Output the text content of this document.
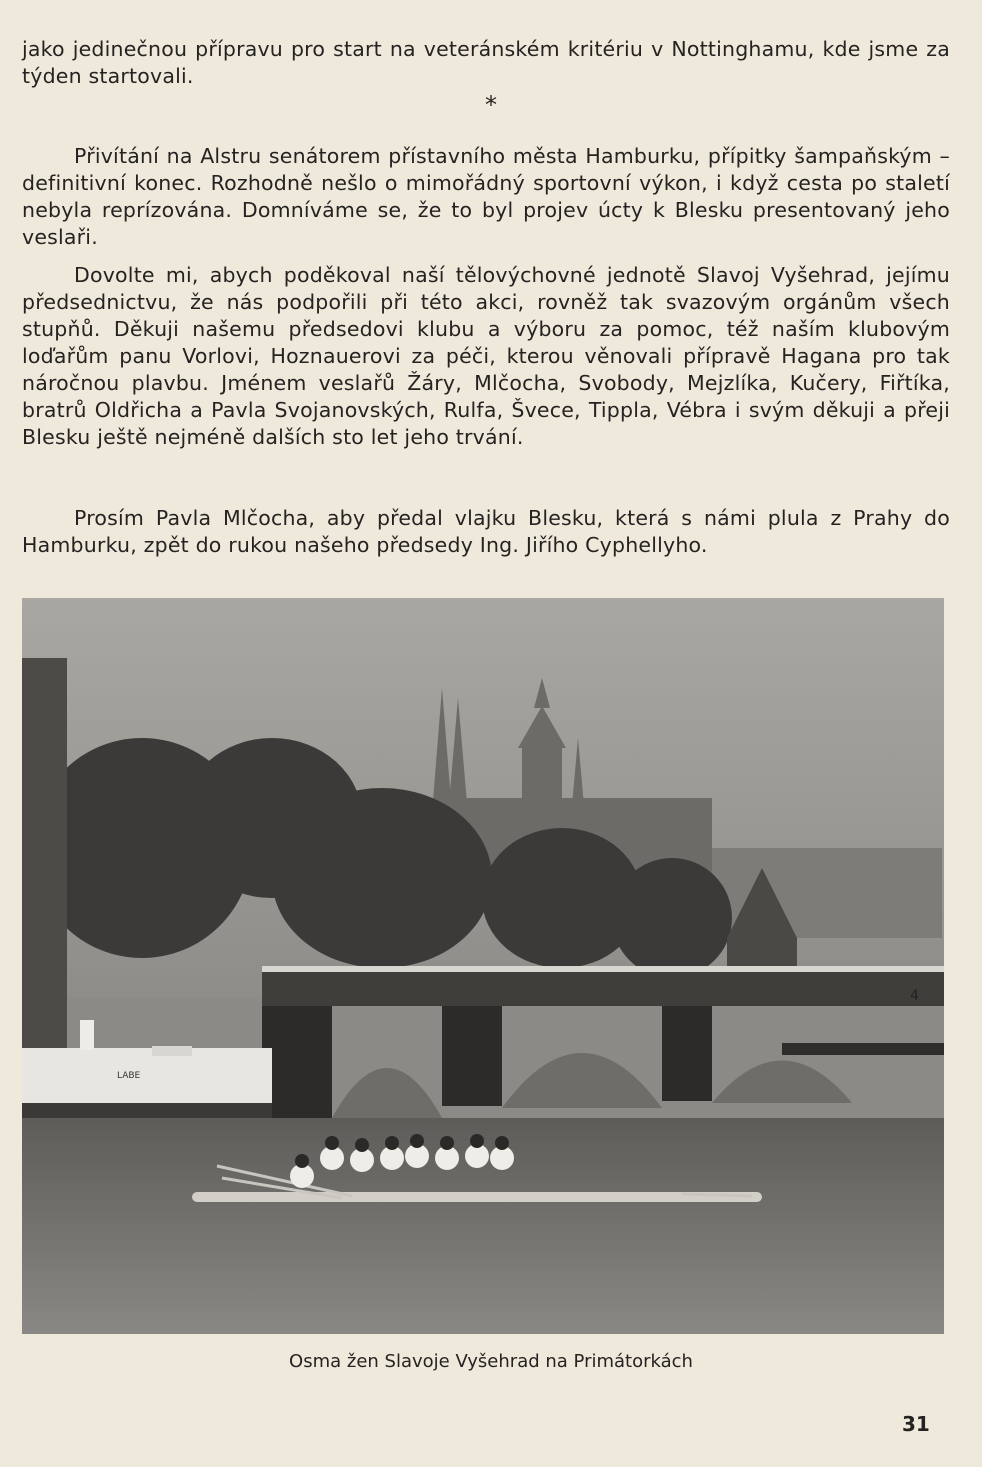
jako jedinečnou přípravu pro start na veteránském kritériu v Nottinghamu, kde jsme za týden startovali.

*

Přivítání na Alstru senátorem přístavního města Hamburku, přípitky šampaňským – definitivní konec. Rozhodně nešlo o mimořádný sportovní výkon, i když cesta po staletí nebyla reprízována. Domníváme se, že to byl projev úcty k Blesku presentovaný jeho veslaři.

Dovolte mi, abych poděkoval naší tělovýchovné jednotě Slavoj Vyšehrad, jejímu předsednictvu, že nás podpořili při této akci, rovněž tak svazovým orgánům všech stupňů. Děkuji našemu předsedovi klubu a výboru za pomoc, též naším klubovým loďařům panu Vorlovi, Hoznauerovi za péči, kterou věnovali přípravě Hagana pro tak náročnou plavbu. Jménem veslařů Žáry, Mlčocha, Svobody, Mejzlíka, Kučery, Fiřtíka, bratrů Oldřicha a Pavla Svojanovských, Rulfa, Švece, Tippla, Vébra i svým děkuji a přeji Blesku ještě nejméně dalších sto let jeho trvání.

Prosím Pavla Mlčocha, aby předal vlajku Blesku, která s námi plula z Prahy do Hamburku, zpět do rukou našeho předsedy Ing. Jiřího Cyphellyho.

4
LABE
Osma žen Slavoje Vyšehrad na Primátorkách
31
